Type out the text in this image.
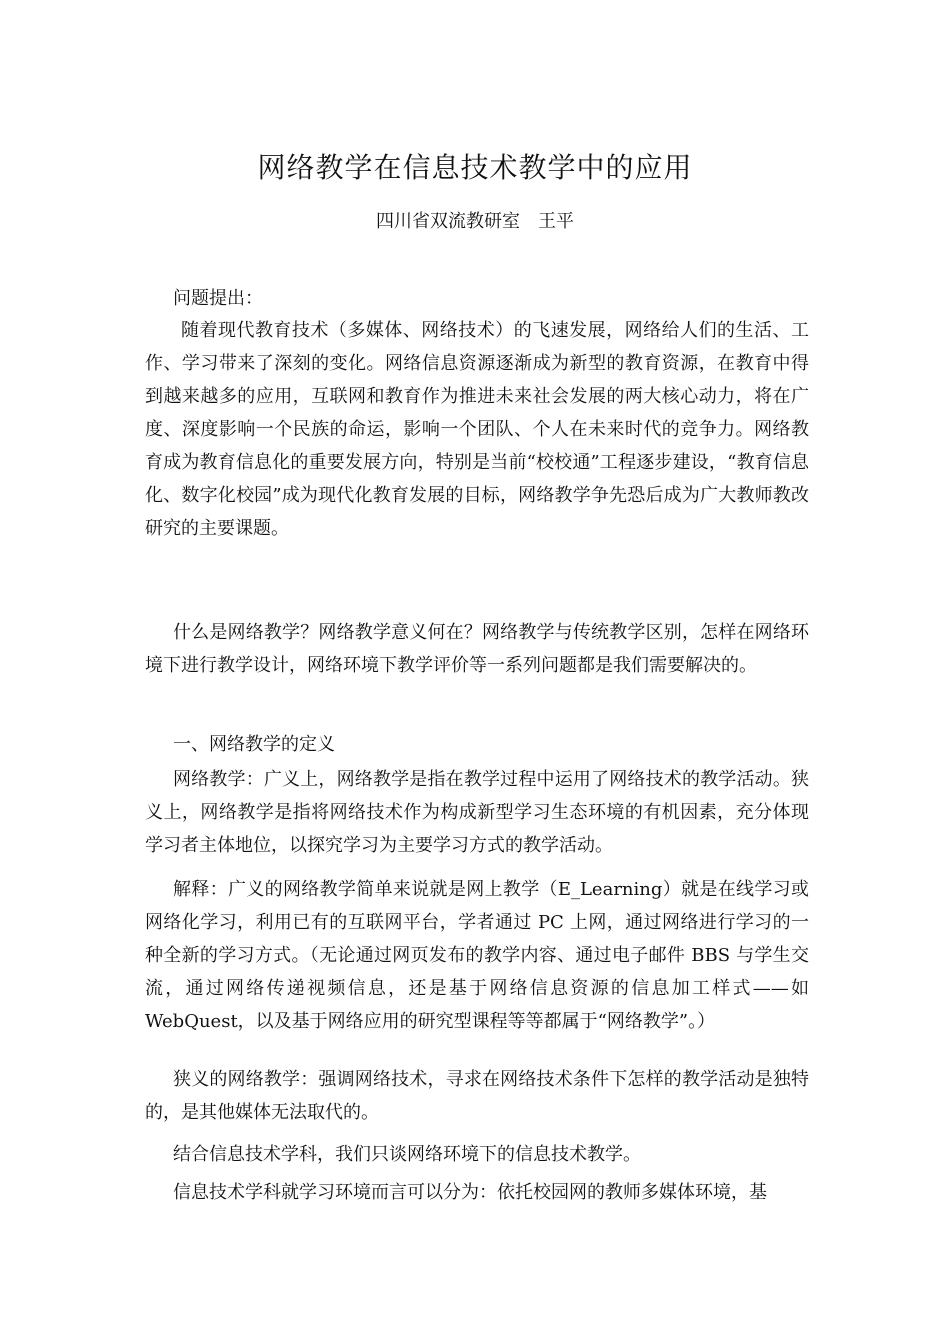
网络教学在信息技术教学中的应用
四川省双流教研室　王平

问题提出：

随着现代教育技术（多媒体、网络技术）的飞速发展，网络给人们的生活、工作、学习带来了深刻的变化。网络信息资源逐渐成为新型的教育资源，在教育中得到越来越多的应用，互联网和教育作为推进未来社会发展的两大核心动力，将在广度、深度影响一个民族的命运，影响一个团队、个人在未来时代的竞争力。网络教育成为教育信息化的重要发展方向，特别是当前“校校通”工程逐步建设，“教育信息化、数字化校园”成为现代化教育发展的目标，网络教学争先恐后成为广大教师教改研究的主要课题。

什么是网络教学？网络教学意义何在？网络教学与传统教学区别，怎样在网络环境下进行教学设计，网络环境下教学评价等一系列问题都是我们需要解决的。

一、网络教学的定义

网络教学：广义上，网络教学是指在教学过程中运用了网络技术的教学活动。狭义上，网络教学是指将网络技术作为构成新型学习生态环境的有机因素，充分体现学习者主体地位，以探究学习为主要学习方式的教学活动。

解释：广义的网络教学简单来说就是网上教学（E_Learning）就是在线学习或网络化学习，利用已有的互联网平台，学者通过 PC 上网，通过网络进行学习的一种全新的学习方式。（无论通过网页发布的教学内容、通过电子邮件 BBS 与学生交流，通过网络传递视频信息，还是基于网络信息资源的信息加工样式——如 WebQuest，以及基于网络应用的研究型课程等等都属于“网络教学”。）

狭义的网络教学：强调网络技术，寻求在网络技术条件下怎样的教学活动是独特的，是其他媒体无法取代的。

结合信息技术学科，我们只谈网络环境下的信息技术教学。

信息技术学科就学习环境而言可以分为：依托校园网的教师多媒体环境，基
